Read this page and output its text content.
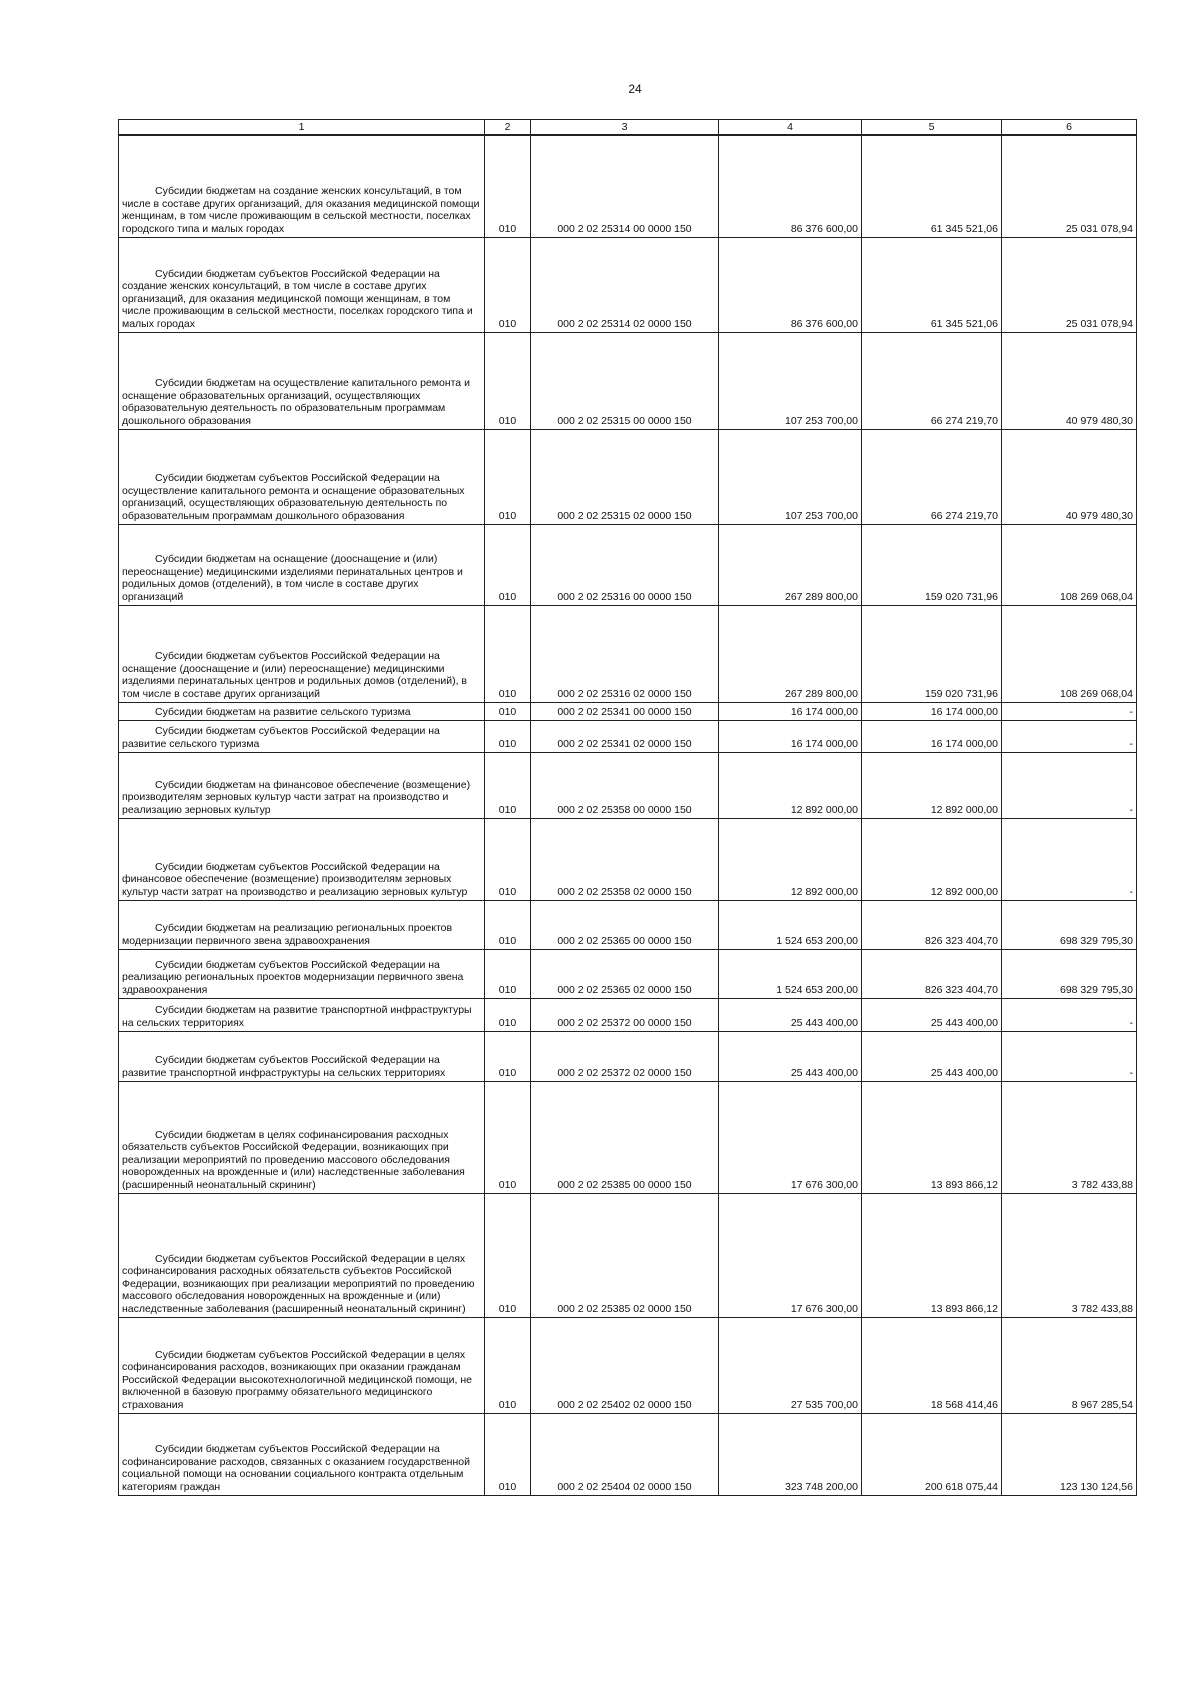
24
1	2	3	4	5	6

Субсидии бюджетам на создание женских консультаций, в том числе в составе других организаций, для оказания медицинской помощи женщинам, в том числе проживающим в сельской местности, поселках городского типа и малых городах	010	000 2 02 25314 00 0000 150	86 376 600,00	61 345 521,06	25 031 078,94

Субсидии бюджетам субъектов Российской Федерации на создание женских консультаций, в том числе в составе других организаций, для оказания медицинской помощи женщинам, в том числе проживающим в сельской местности, поселках городского типа и малых городах	010	000 2 02 25314 02 0000 150	86 376 600,00	61 345 521,06	25 031 078,94

Субсидии бюджетам на осуществление капитального ремонта и оснащение образовательных организаций, осуществляющих образовательную деятельность по образовательным программам дошкольного образования	010	000 2 02 25315 00 0000 150	107 253 700,00	66 274 219,70	40 979 480,30

Субсидии бюджетам субъектов Российской Федерации на осуществление капитального ремонта и оснащение образовательных организаций, осуществляющих образовательную деятельность по образовательным программам дошкольного образования	010	000 2 02 25315 02 0000 150	107 253 700,00	66 274 219,70	40 979 480,30

Субсидии бюджетам на оснащение (дооснащение и (или) переоснащение) медицинскими изделиями перинатальных центров и родильных домов (отделений), в том числе в составе других организаций	010	000 2 02 25316 00 0000 150	267 289 800,00	159 020 731,96	108 269 068,04

Субсидии бюджетам субъектов Российской Федерации на оснащение (дооснащение и (или) переоснащение) медицинскими изделиями перинатальных центров и родильных домов (отделений), в том числе в составе других организаций	010	000 2 02 25316 02 0000 150	267 289 800,00	159 020 731,96	108 269 068,04

Субсидии бюджетам на развитие сельского туризма	010	000 2 02 25341 00 0000 150	16 174 000,00	16 174 000,00	-

Субсидии бюджетам субъектов Российской Федерации на развитие сельского туризма	010	000 2 02 25341 02 0000 150	16 174 000,00	16 174 000,00	-

Субсидии бюджетам на финансовое обеспечение (возмещение) производителям зерновых культур части затрат на производство и реализацию зерновых культур	010	000 2 02 25358 00 0000 150	12 892 000,00	12 892 000,00	-

Субсидии бюджетам субъектов Российской Федерации на финансовое обеспечение (возмещение) производителям зерновых культур части затрат на производство и реализацию зерновых культур	010	000 2 02 25358 02 0000 150	12 892 000,00	12 892 000,00	-

Субсидии бюджетам на реализацию региональных проектов модернизации первичного звена здравоохранения	010	000 2 02 25365 00 0000 150	1 524 653 200,00	826 323 404,70	698 329 795,30

Субсидии бюджетам субъектов Российской Федерации на реализацию региональных проектов модернизации первичного звена здравоохранения	010	000 2 02 25365 02 0000 150	1 524 653 200,00	826 323 404,70	698 329 795,30

Субсидии бюджетам на развитие транспортной инфраструктуры на сельских территориях	010	000 2 02 25372 00 0000 150	25 443 400,00	25 443 400,00	-

Субсидии бюджетам субъектов Российской Федерации на развитие транспортной инфраструктуры на сельских территориях	010	000 2 02 25372 02 0000 150	25 443 400,00	25 443 400,00	-

Субсидии бюджетам в целях софинансирования расходных обязательств субъектов Российской Федерации, возникающих при реализации мероприятий по проведению массового обследования новорожденных на врожденные и (или) наследственные заболевания (расширенный неонатальный скрининг)	010	000 2 02 25385 00 0000 150	17 676 300,00	13 893 866,12	3 782 433,88

Субсидии бюджетам субъектов Российской Федерации в целях софинансирования расходных обязательств субъектов Российской Федерации, возникающих при реализации мероприятий по проведению массового обследования новорожденных на врожденные и (или) наследственные заболевания (расширенный неонатальный скрининг)	010	000 2 02 25385 02 0000 150	17 676 300,00	13 893 866,12	3 782 433,88

Субсидии бюджетам субъектов Российской Федерации в целях софинансирования расходов, возникающих при оказании гражданам Российской Федерации высокотехнологичной медицинской помощи, не включенной в базовую программу обязательного медицинского страхования	010	000 2 02 25402 02 0000 150	27 535 700,00	18 568 414,46	8 967 285,54

Субсидии бюджетам субъектов Российской Федерации на софинансирование расходов, связанных с оказанием государственной социальной помощи на основании социального контракта отдельным категориям граждан	010	000 2 02 25404 02 0000 150	323 748 200,00	200 618 075,44	123 130 124,56
